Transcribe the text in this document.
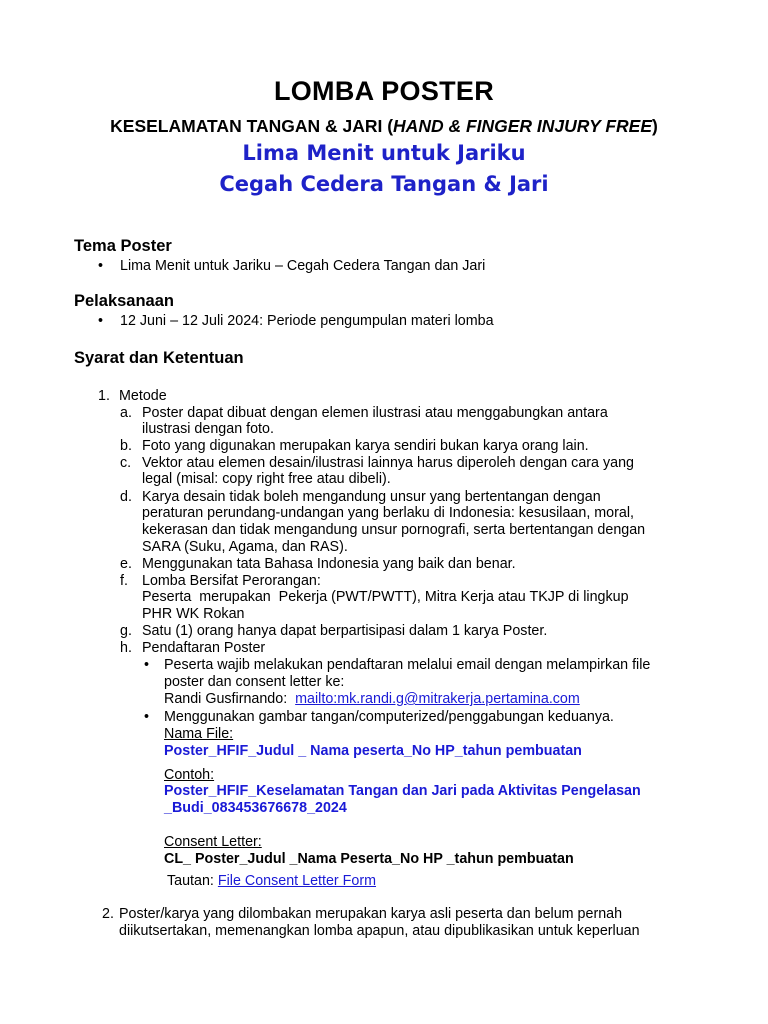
LOMBA POSTER
KESELAMATAN TANGAN & JARI (HAND & FINGER INJURY FREE)
Lima Menit untuk Jariku
Cegah Cedera Tangan & Jari
Tema Poster
• Lima Menit untuk Jariku – Cegah Cedera Tangan dan Jari
Pelaksanaan
• 12 Juni – 12 Juli 2024: Periode pengumpulan materi lomba
Syarat dan Ketentuan
1. Metode
a. Poster dapat dibuat dengan elemen ilustrasi atau menggabungkan antara
ilustrasi dengan foto.
b. Foto yang digunakan merupakan karya sendiri bukan karya orang lain.
c. Vektor atau elemen desain/ilustrasi lainnya harus diperoleh dengan cara yang
legal (misal: copy right free atau dibeli).
d. Karya desain tidak boleh mengandung unsur yang bertentangan dengan
peraturan perundang-undangan yang berlaku di Indonesia: kesusilaan, moral,
kekerasan dan tidak mengandung unsur pornografi, serta bertentangan dengan
SARA (Suku, Agama, dan RAS).
e. Menggunakan tata Bahasa Indonesia yang baik dan benar.
f. Lomba Bersifat Perorangan:
Peserta  merupakan  Pekerja (PWT/PWTT), Mitra Kerja atau TKJP di lingkup
PHR WK Rokan
g. Satu (1) orang hanya dapat berpartisipasi dalam 1 karya Poster.
h. Pendaftaran Poster
• Peserta wajib melakukan pendaftaran melalui email dengan melampirkan file
poster dan consent letter ke:
Randi Gusfirnando: mailto:mk.randi.g@mitrakerja.pertamina.com
• Menggunakan gambar tangan/computerized/penggabungan keduanya.
Nama File:
Poster_HFIF_Judul _ Nama peserta_No HP_tahun pembuatan
Contoh:
Poster_HFIF_Keselamatan Tangan dan Jari pada Aktivitas Pengelasan
_Budi_083453676678_2024
Consent Letter:
CL_ Poster_Judul _Nama Peserta_No HP _tahun pembuatan
Tautan: File Consent Letter Form
2. Poster/karya yang dilombakan merupakan karya asli peserta dan belum pernah
diikutsertakan, memenangkan lomba apapun, atau dipublikasikan untuk keperluan
